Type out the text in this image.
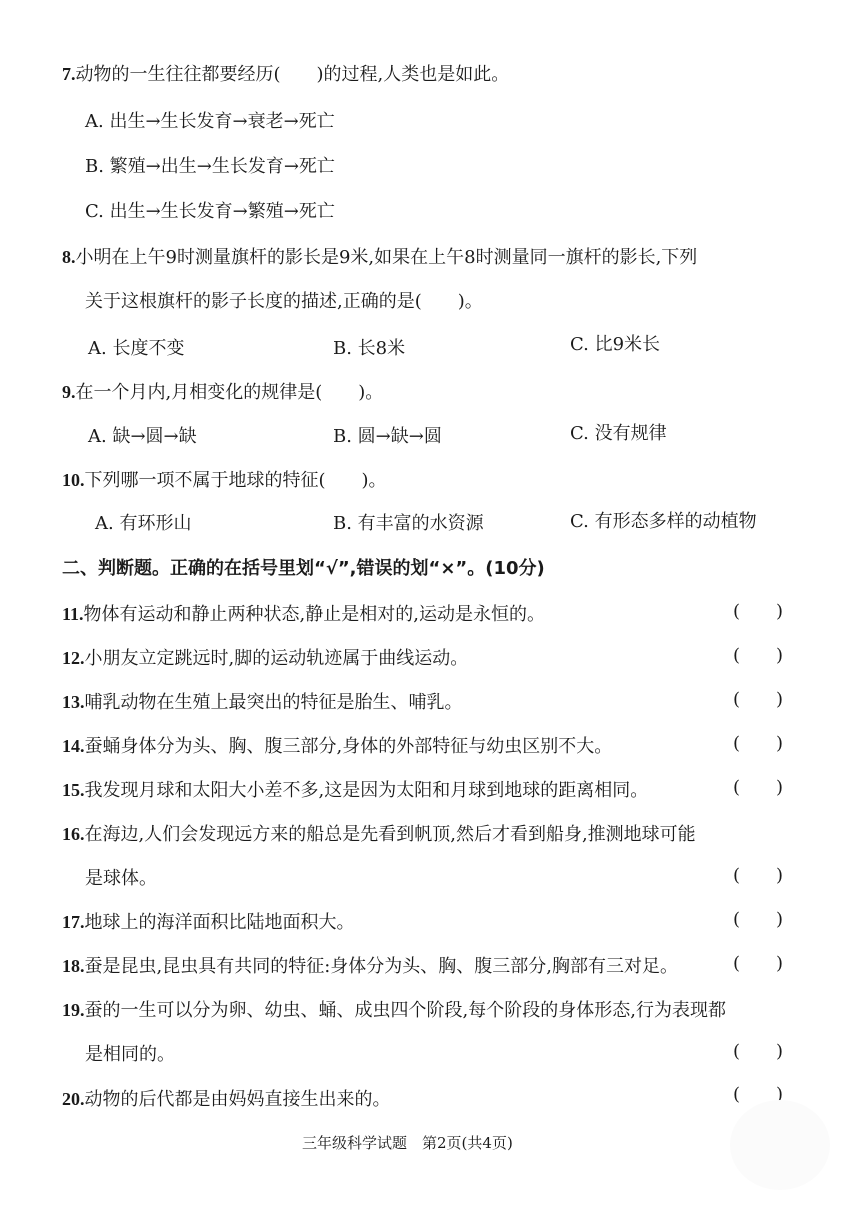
7.动物的一生往往都要经历(　　)的过程,人类也是如此。
A. 出生→生长发育→衰老→死亡
B. 繁殖→出生→生长发育→死亡
C. 出生→生长发育→繁殖→死亡
8.小明在上午9时测量旗杆的影长是9米,如果在上午8时测量同一旗杆的影长,下列
关于这根旗杆的影子长度的描述,正确的是(　　)。
A. 长度不变	B. 长8米	C. 比9米长
9.在一个月内,月相变化的规律是(　　)。
A. 缺→圆→缺	B. 圆→缺→圆	C. 没有规律
10.下列哪一项不属于地球的特征(　　)。
A. 有环形山	B. 有丰富的水资源	C. 有形态多样的动植物
二、判断题。正确的在括号里划“√”,错误的划“×”。(10分)
11.物体有运动和静止两种状态,静止是相对的,运动是永恒的。	(　　)
12.小朋友立定跳远时,脚的运动轨迹属于曲线运动。	(　　)
13.哺乳动物在生殖上最突出的特征是胎生、哺乳。	(　　)
14.蚕蛹身体分为头、胸、腹三部分,身体的外部特征与幼虫区别不大。	(　　)
15.我发现月球和太阳大小差不多,这是因为太阳和月球到地球的距离相同。	(　　)
16.在海边,人们会发现远方来的船总是先看到帆顶,然后才看到船身,推测地球可能
是球体。	(　　)
17.地球上的海洋面积比陆地面积大。	(　　)
18.蚕是昆虫,昆虫具有共同的特征:身体分为头、胸、腹三部分,胸部有三对足。	(　　)
19.蚕的一生可以分为卵、幼虫、蛹、成虫四个阶段,每个阶段的身体形态,行为表现都
是相同的。	(　　)
20.动物的后代都是由妈妈直接生出来的。	(　　)
三年级科学试题　第2页(共4页)
